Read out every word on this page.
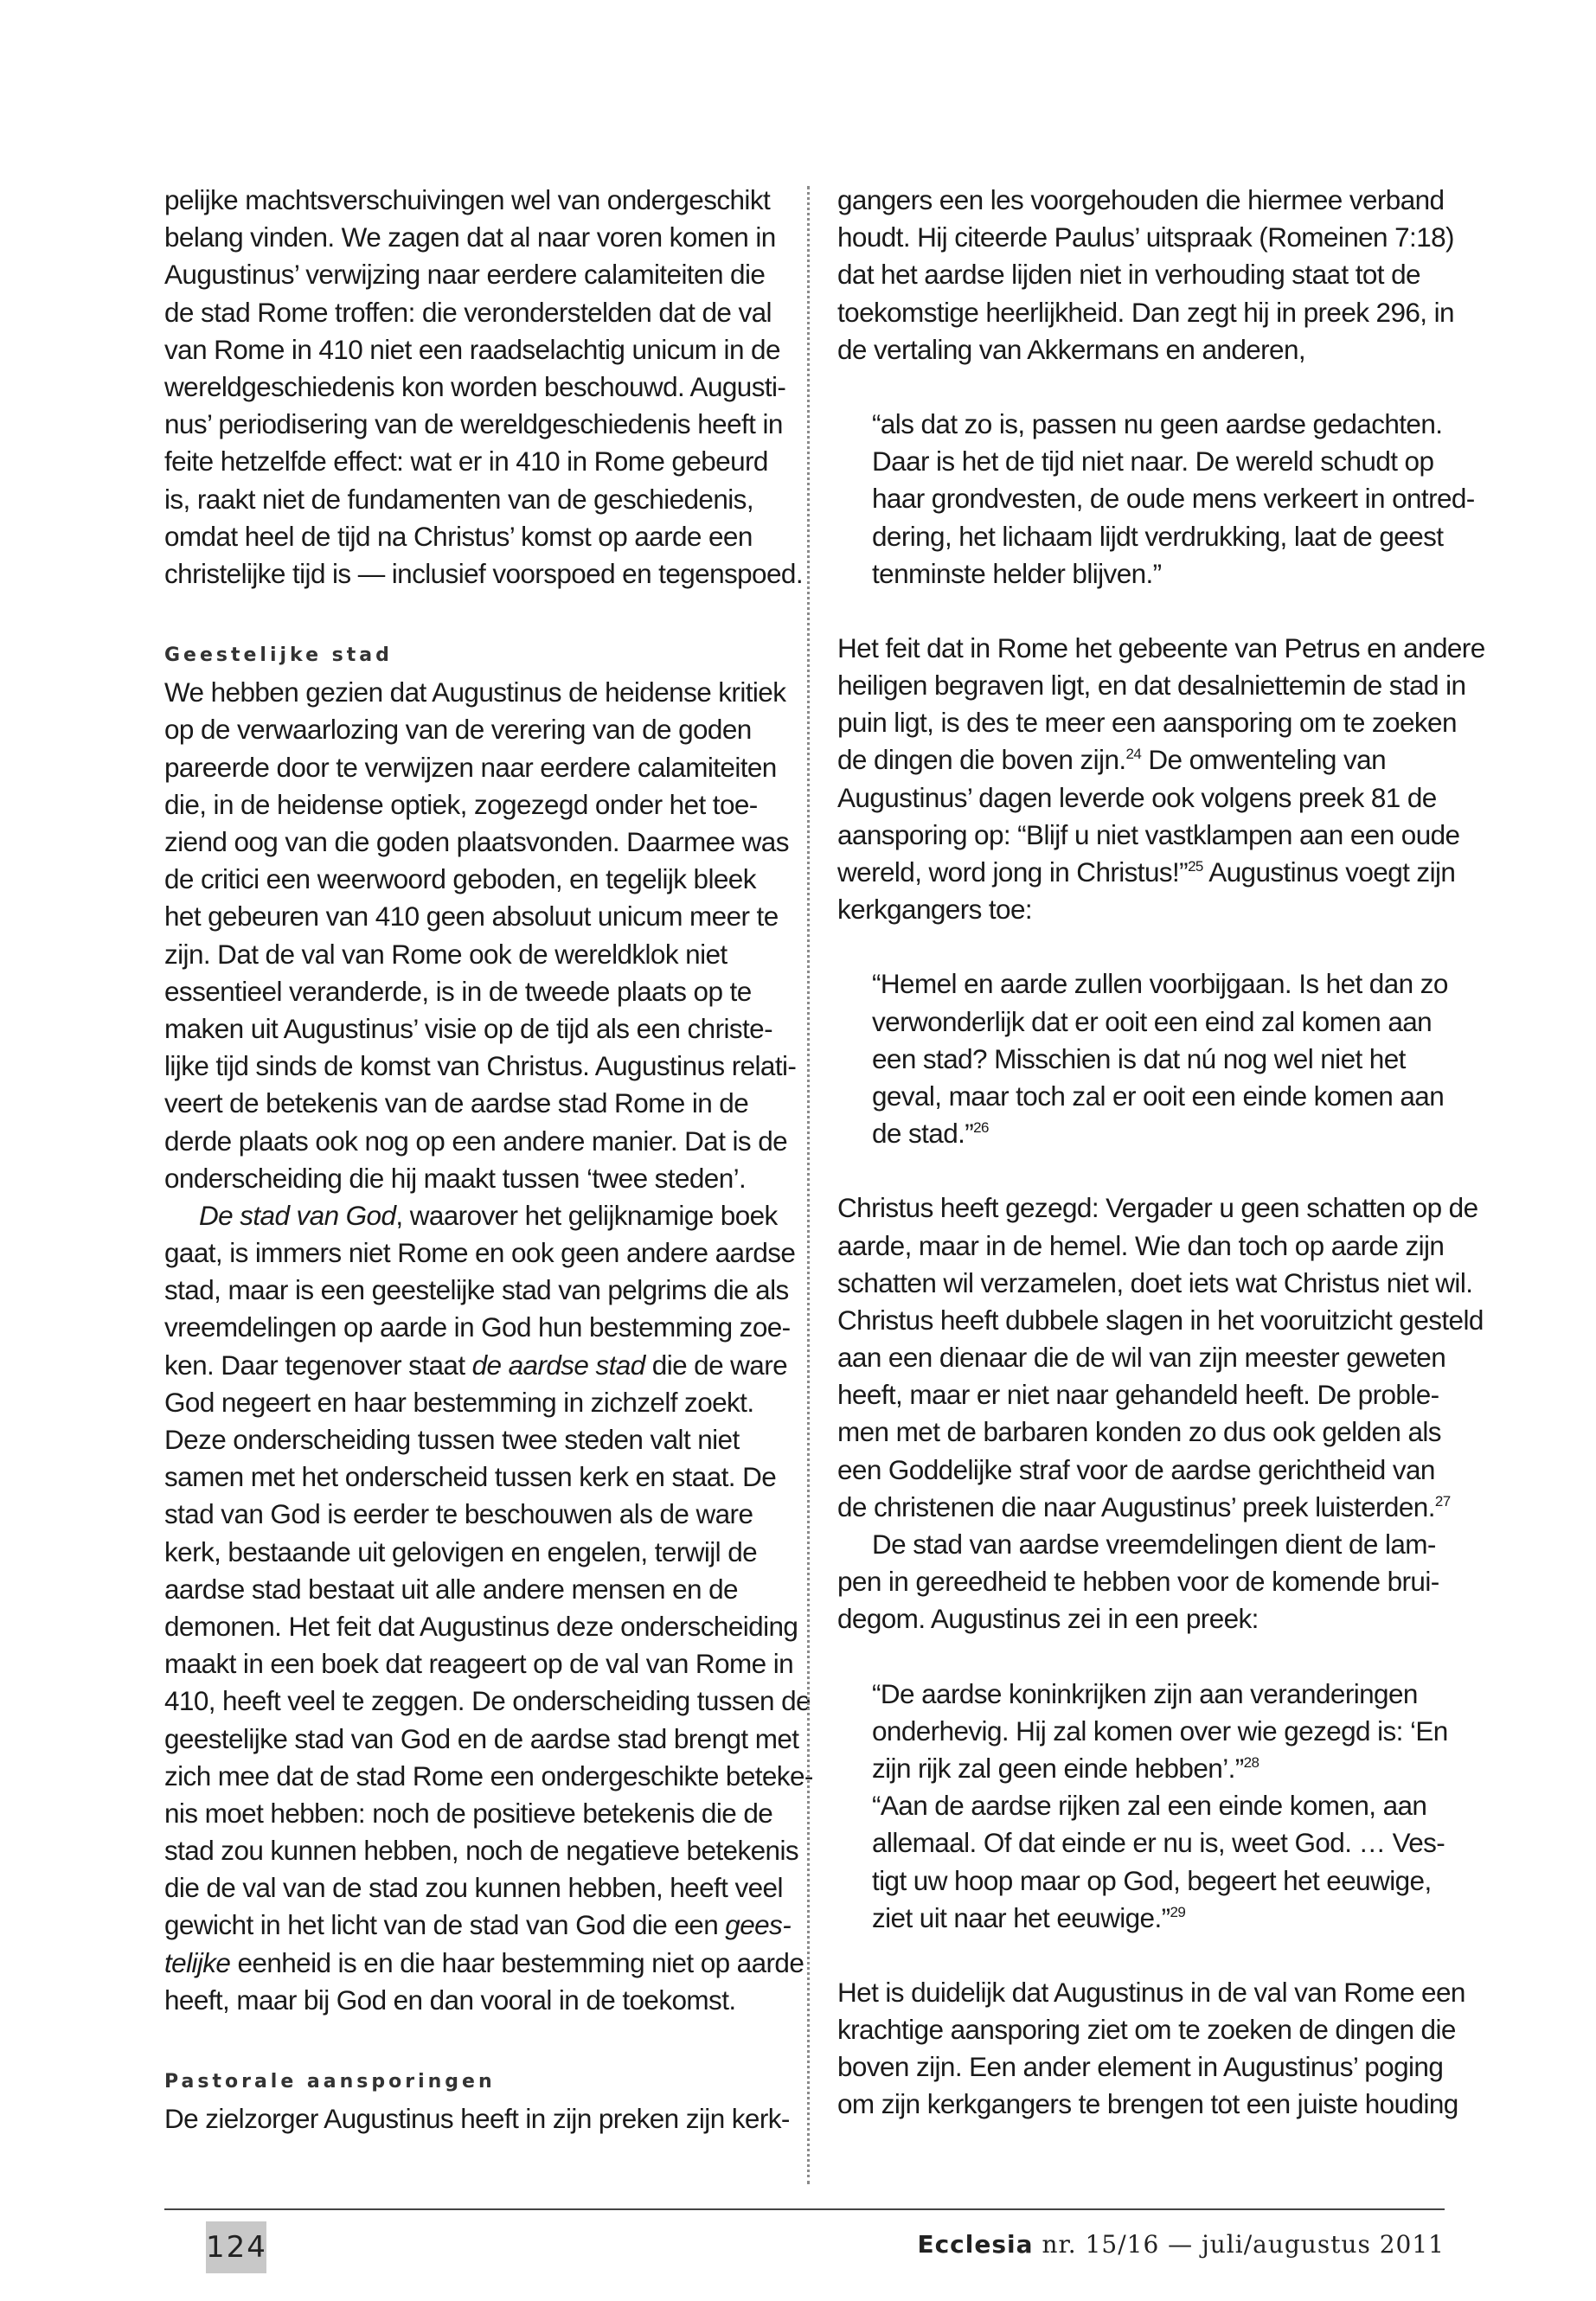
pelijke machtsverschuivingen wel van ondergeschikt
belang vinden. We zagen dat al naar voren komen in
Augustinus’ verwijzing naar eerdere calamiteiten die
de stad Rome troffen: die veronderstelden dat de val
van Rome in 410 niet een raadselachtig unicum in de
wereldgeschiedenis kon worden beschouwd. Augusti-
nus’ periodisering van de wereldgeschiedenis heeft in
feite hetzelfde effect: wat er in 410 in Rome gebeurd
is, raakt niet de fundamenten van de geschiedenis,
omdat heel de tijd na Christus’ komst op aarde een
christelijke tijd is — inclusief voorspoed en tegenspoed.
Geestelijke stad
We hebben gezien dat Augustinus de heidense kritiek
op de verwaarlozing van de verering van de goden
pareerde door te verwijzen naar eerdere calamiteiten
die, in de heidense optiek, zogezegd onder het toe-
ziend oog van die goden plaatsvonden. Daarmee was
de critici een weerwoord geboden, en tegelijk bleek
het gebeuren van 410 geen absoluut unicum meer te
zijn. Dat de val van Rome ook de wereldklok niet
essentieel veranderde, is in de tweede plaats op te
maken uit Augustinus’ visie op de tijd als een christe-
lijke tijd sinds de komst van Christus. Augustinus relati-
veert de betekenis van de aardse stad Rome in de
derde plaats ook nog op een andere manier. Dat is de
onderscheiding die hij maakt tussen ‘twee steden’.
De stad van God, waarover het gelijknamige boek
gaat, is immers niet Rome en ook geen andere aardse
stad, maar is een geestelijke stad van pelgrims die als
vreemdelingen op aarde in God hun bestemming zoe-
ken. Daar tegenover staat de aardse stad die de ware
God negeert en haar bestemming in zichzelf zoekt.
Deze onderscheiding tussen twee steden valt niet
samen met het onderscheid tussen kerk en staat. De
stad van God is eerder te beschouwen als de ware
kerk, bestaande uit gelovigen en engelen, terwijl de
aardse stad bestaat uit alle andere mensen en de
demonen. Het feit dat Augustinus deze onderscheiding
maakt in een boek dat reageert op de val van Rome in
410, heeft veel te zeggen. De onderscheiding tussen de
geestelijke stad van God en de aardse stad brengt met
zich mee dat de stad Rome een ondergeschikte beteke-
nis moet hebben: noch de positieve betekenis die de
stad zou kunnen hebben, noch de negatieve betekenis
die de val van de stad zou kunnen hebben, heeft veel
gewicht in het licht van de stad van God die een gees-
telijke eenheid is en die haar bestemming niet op aarde
heeft, maar bij God en dan vooral in de toekomst.
Pastorale aansporingen
De zielzorger Augustinus heeft in zijn preken zijn kerk-
gangers een les voorgehouden die hiermee verband
houdt. Hij citeerde Paulus’ uitspraak (Romeinen 7:18)
dat het aardse lijden niet in verhouding staat tot de
toekomstige heerlijkheid. Dan zegt hij in preek 296, in
de vertaling van Akkermans en anderen,
“als dat zo is, passen nu geen aardse gedachten.
Daar is het de tijd niet naar. De wereld schudt op
haar grondvesten, de oude mens verkeert in ontred-
dering, het lichaam lijdt verdrukking, laat de geest
tenminste helder blijven.”
Het feit dat in Rome het gebeente van Petrus en andere
heiligen begraven ligt, en dat desalniettemin de stad in
puin ligt, is des te meer een aansporing om te zoeken
de dingen die boven zijn.$^{24}$ De omwenteling van
Augustinus’ dagen leverde ook volgens preek 81 de
aansporing op: “Blijf u niet vastklampen aan een oude
wereld, word jong in Christus!”$^{25}$ Augustinus voegt zijn
kerkgangers toe:
“Hemel en aarde zullen voorbijgaan. Is het dan zo
verwonderlijk dat er ooit een eind zal komen aan
een stad? Misschien is dat nú nog wel niet het
geval, maar toch zal er ooit een einde komen aan
de stad.”$^{26}$
Christus heeft gezegd: Vergader u geen schatten op de
aarde, maar in de hemel. Wie dan toch op aarde zijn
schatten wil verzamelen, doet iets wat Christus niet wil.
Christus heeft dubbele slagen in het vooruitzicht gesteld
aan een dienaar die de wil van zijn meester geweten
heeft, maar er niet naar gehandeld heeft. De proble-
men met de barbaren konden zo dus ook gelden als
een Goddelijke straf voor de aardse gerichtheid van
de christenen die naar Augustinus’ preek luisterden.$^{27}$
De stad van aardse vreemdelingen dient de lam-
pen in gereedheid te hebben voor de komende brui-
degom. Augustinus zei in een preek:
“De aardse koninkrijken zijn aan veranderingen
onderhevig. Hij zal komen over wie gezegd is: ‘En
zijn rijk zal geen einde hebben’.”$^{28}$
“Aan de aardse rijken zal een einde komen, aan
allemaal. Of dat einde er nu is, weet God. … Ves-
tigt uw hoop maar op God, begeert het eeuwige,
ziet uit naar het eeuwige.”$^{29}$
Het is duidelijk dat Augustinus in de val van Rome een
krachtige aansporing ziet om te zoeken de dingen die
boven zijn. Een ander element in Augustinus’ poging
om zijn kerkgangers te brengen tot een juiste houding
124	Ecclesia nr. 15/16 — juli/augustus 2011
